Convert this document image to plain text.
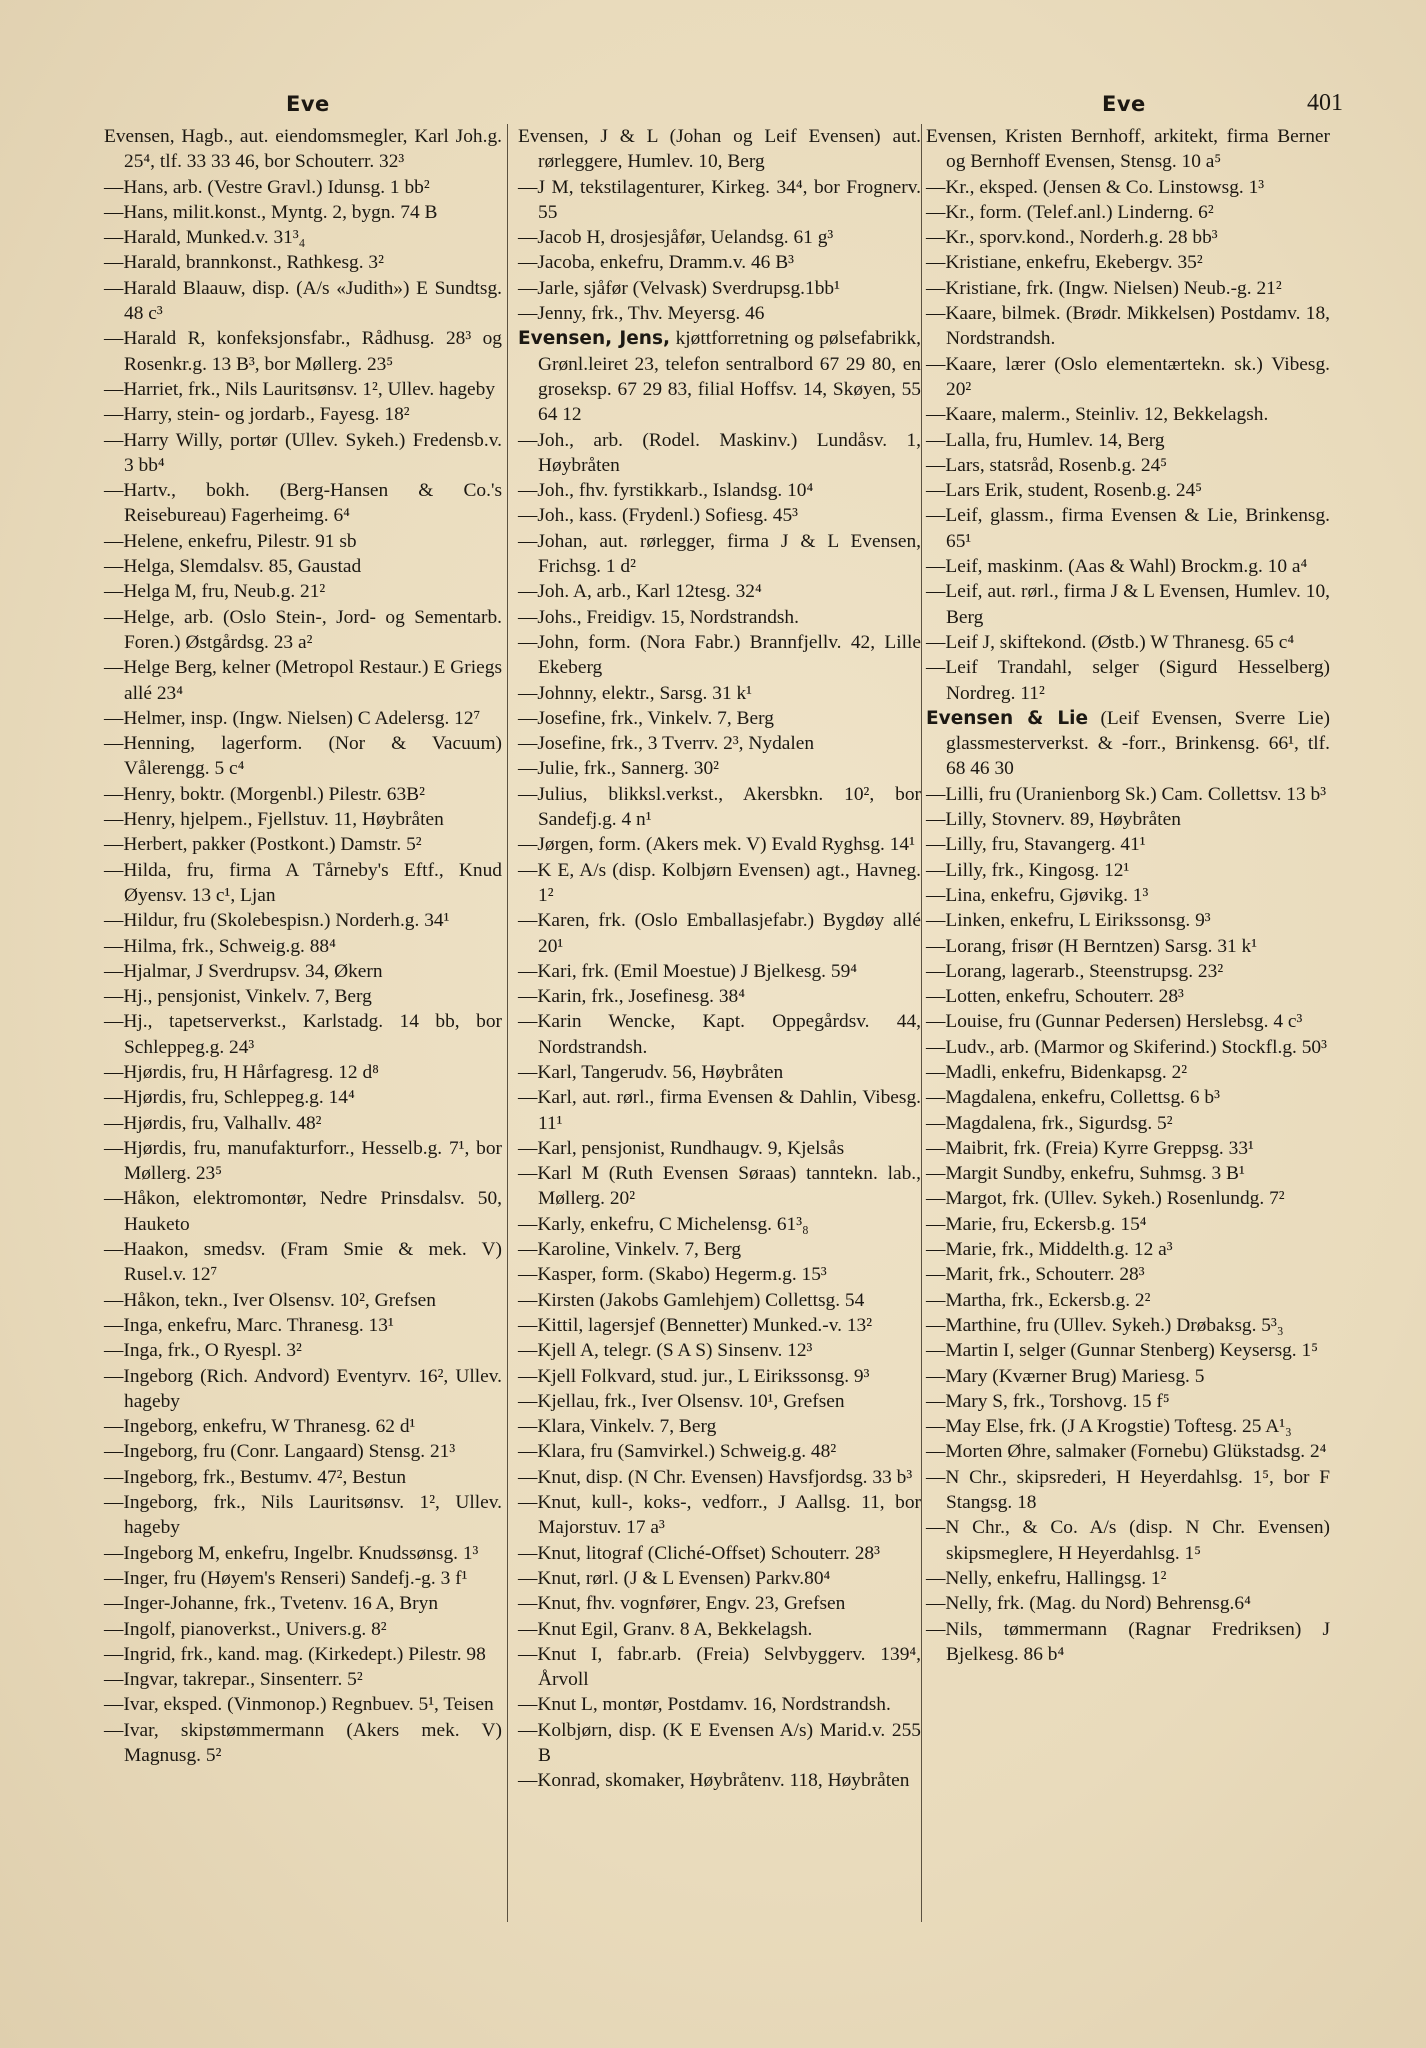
Eve	Eve	401
Evensen, Hagb., aut. eiendomsmegler, Karl Joh.g. 25⁴, tlf. 33 33 46, bor Schouterr. 32³
—Hans, arb. (Vestre Gravl.) Idunsg. 1 bb²
—Hans, milit.konst., Myntg. 2, bygn. 74 B
—Harald, Munked.v. 31³₄
—Harald, brannkonst., Rathkesg. 3²
—Harald Blaauw, disp. (A/s «Judith») E Sundtsg. 48 c³
—Harald R, konfeksjonsfabr., Rådhusg. 28³ og Rosenkr.g. 13 B³, bor Møllerg. 23⁵
—Harriet, frk., Nils Lauritsønsv. 1², Ullev. hageby
—Harry, stein- og jordarb., Fayesg. 18²
—Harry Willy, portør (Ullev. Sykeh.) Fredensb.v. 3 bb⁴
—Hartv., bokh. (Berg-Hansen & Co.'s Reisebureau) Fagerheimg. 6⁴
—Helene, enkefru, Pilestr. 91 sb
—Helga, Slemdalsv. 85, Gaustad
—Helga M, fru, Neub.g. 21²
—Helge, arb. (Oslo Stein-, Jord- og Sementarb. Foren.) Østgårdsg. 23 a²
—Helge Berg, kelner (Metropol Restaur.) E Griegs allé 23⁴
—Helmer, insp. (Ingw. Nielsen) C Adelersg. 12⁷
—Henning, lagerform. (Nor & Vacuum) Vålerengg. 5 c⁴
—Henry, boktr. (Morgenbl.) Pilestr. 63B²
—Henry, hjelpem., Fjellstuv. 11, Høybråten
—Herbert, pakker (Postkont.) Damstr. 5²
—Hilda, fru, firma A Tårneby's Eftf., Knud Øyensv. 13 c¹, Ljan
—Hildur, fru (Skolebespisn.) Norderh.g. 34¹
—Hilma, frk., Schweig.g. 88⁴
—Hjalmar, J Sverdrupsv. 34, Økern
—Hj., pensjonist, Vinkelv. 7, Berg
—Hj., tapetserverkst., Karlstadg. 14 bb, bor Schleppeg.g. 24³
—Hjørdis, fru, H Hårfagresg. 12 d⁸
—Hjørdis, fru, Schleppeg.g. 14⁴
—Hjørdis, fru, Valhallv. 48²
—Hjørdis, fru, manufakturforr., Hesselb.g. 7¹, bor Møllerg. 23⁵
—Håkon, elektromontør, Nedre Prinsdalsv. 50, Hauketo
—Haakon, smedsv. (Fram Smie & mek. V) Rusel.v. 12⁷
—Håkon, tekn., Iver Olsensv. 10², Grefsen
—Inga, enkefru, Marc. Thranesg. 13¹
—Inga, frk., O Ryespl. 3²
—Ingeborg (Rich. Andvord) Eventyrv. 16², Ullev. hageby
—Ingeborg, enkefru, W Thranesg. 62 d¹
—Ingeborg, fru (Conr. Langaard) Stensg. 21³
—Ingeborg, frk., Bestumv. 47², Bestun
—Ingeborg, frk., Nils Lauritsønsv. 1², Ullev. hageby
—Ingeborg M, enkefru, Ingelbr. Knudssønsg. 1³
—Inger, fru (Høyem's Renseri) Sandefj.-g. 3 f¹
—Inger-Johanne, frk., Tvetenv. 16 A, Bryn
—Ingolf, pianoverkst., Univers.g. 8²
—Ingrid, frk., kand. mag. (Kirkedept.) Pilestr. 98
—Ingvar, takrepar., Sinsenterr. 5²
—Ivar, eksped. (Vinmonop.) Regnbuev. 5¹, Teisen
—Ivar, skipstømmermann (Akers mek. V) Magnusg. 5²
Evensen, J & L (Johan og Leif Evensen) aut. rørleggere, Humlev. 10, Berg
—J M, tekstilagenturer, Kirkeg. 34⁴, bor Frognerv. 55
—Jacob H, drosjesjåfør, Uelandsg. 61 g³
—Jacoba, enkefru, Dramm.v. 46 B³
—Jarle, sjåfør (Velvask) Sverdrupsg.1bb¹
—Jenny, frk., Thv. Meyersg. 46
Evensen, Jens, kjøttforretning og pølsefabrikk, Grønl.leiret 23, telefon sentralbord 67 29 80, en groseksp. 67 29 83, filial Hoffsv. 14, Skøyen, 55 64 12
—Joh., arb. (Rodel. Maskinv.) Lundåsv. 1, Høybråten
—Joh., fhv. fyrstikkarb., Islandsg. 10⁴
—Joh., kass. (Frydenl.) Sofiesg. 45³
—Johan, aut. rørlegger, firma J & L Evensen, Frichsg. 1 d²
—Joh. A, arb., Karl 12tesg. 32⁴
—Johs., Freidigv. 15, Nordstrandsh.
—John, form. (Nora Fabr.) Brannfjellv. 42, Lille Ekeberg
—Johnny, elektr., Sarsg. 31 k¹
—Josefine, frk., Vinkelv. 7, Berg
—Josefine, frk., 3 Tverrv. 2³, Nydalen
—Julie, frk., Sannerg. 30²
—Julius, blikksl.verkst., Akersbkn. 10², bor Sandefj.g. 4 n¹
—Jørgen, form. (Akers mek. V) Evald Ryghsg. 14¹
—K E, A/s (disp. Kolbjørn Evensen) agt., Havneg. 1²
—Karen, frk. (Oslo Emballasjefabr.) Bygdøy allé 20¹
—Kari, frk. (Emil Moestue) J Bjelkesg. 59⁴
—Karin, frk., Josefinesg. 38⁴
—Karin Wencke, Kapt. Oppegårdsv. 44, Nordstrandsh.
—Karl, Tangerudv. 56, Høybråten
—Karl, aut. rørl., firma Evensen & Dahlin, Vibesg. 11¹
—Karl, pensjonist, Rundhaugv. 9, Kjelsås
—Karl M (Ruth Evensen Søraas) tanntekn. lab., Møllerg. 20²
—Karly, enkefru, C Michelensg. 61³₈
—Karoline, Vinkelv. 7, Berg
—Kasper, form. (Skabo) Hegerm.g. 15³
—Kirsten (Jakobs Gamlehjem) Collettsg. 54
—Kittil, lagersjef (Bennetter) Munked.-v. 13²
—Kjell A, telegr. (S A S) Sinsenv. 12³
—Kjell Folkvard, stud. jur., L Eirikssonsg. 9³
—Kjellau, frk., Iver Olsensv. 10¹, Grefsen
—Klara, Vinkelv. 7, Berg
—Klara, fru (Samvirkel.) Schweig.g. 48²
—Knut, disp. (N Chr. Evensen) Havsfjordsg. 33 b³
—Knut, kull-, koks-, vedforr., J Aallsg. 11, bor Majorstuv. 17 a³
—Knut, litograf (Cliché-Offset) Schouterr. 28³
—Knut, rørl. (J & L Evensen) Parkv.80⁴
—Knut, fhv. vognfører, Engv. 23, Grefsen
—Knut Egil, Granv. 8 A, Bekkelagsh.
—Knut I, fabr.arb. (Freia) Selvbyggerv. 139⁴, Årvoll
—Knut L, montør, Postdamv. 16, Nordstrandsh.
—Kolbjørn, disp. (K E Evensen A/s) Marid.v. 255 B
—Konrad, skomaker, Høybråtenv. 118, Høybråten
Evensen, Kristen Bernhoff, arkitekt, firma Berner og Bernhoff Evensen, Stensg. 10 a⁵
—Kr., eksped. (Jensen & Co. Linstowsg. 1³
—Kr., form. (Telef.anl.) Linderng. 6²
—Kr., sporv.kond., Norderh.g. 28 bb³
—Kristiane, enkefru, Ekebergv. 35²
—Kristiane, frk. (Ingw. Nielsen) Neub.-g. 21²
—Kaare, bilmek. (Brødr. Mikkelsen) Postdamv. 18, Nordstrandsh.
—Kaare, lærer (Oslo elementærtekn. sk.) Vibesg. 20²
—Kaare, malerm., Steinliv. 12, Bekkelagsh.
—Lalla, fru, Humlev. 14, Berg
—Lars, statsråd, Rosenb.g. 24⁵
—Lars Erik, student, Rosenb.g. 24⁵
—Leif, glassm., firma Evensen & Lie, Brinkensg. 65¹
—Leif, maskinm. (Aas & Wahl) Brockm.g. 10 a⁴
—Leif, aut. rørl., firma J & L Evensen, Humlev. 10, Berg
—Leif J, skiftekond. (Østb.) W Thranesg. 65 c⁴
—Leif Trandahl, selger (Sigurd Hesselberg) Nordreg. 11²
Evensen & Lie (Leif Evensen, Sverre Lie) glassmesterverkst. & -forr., Brinkensg. 66¹, tlf. 68 46 30
—Lilli, fru (Uranienborg Sk.) Cam. Collettsv. 13 b³
—Lilly, Stovnerv. 89, Høybråten
—Lilly, fru, Stavangerg. 41¹
—Lilly, frk., Kingosg. 12¹
—Lina, enkefru, Gjøvikg. 1³
—Linken, enkefru, L Eirikssonsg. 9³
—Lorang, frisør (H Berntzen) Sarsg. 31 k¹
—Lorang, lagerarb., Steenstrupsg. 23²
—Lotten, enkefru, Schouterr. 28³
—Louise, fru (Gunnar Pedersen) Herslebsg. 4 c³
—Ludv., arb. (Marmor og Skiferind.) Stockfl.g. 50³
—Madli, enkefru, Bidenkapsg. 2²
—Magdalena, enkefru, Collettsg. 6 b³
—Magdalena, frk., Sigurdsg. 5²
—Maibrit, frk. (Freia) Kyrre Greppsg. 33¹
—Margit Sundby, enkefru, Suhmsg. 3 B¹
—Margot, frk. (Ullev. Sykeh.) Rosenlundg. 7²
—Marie, fru, Eckersb.g. 15⁴
—Marie, frk., Middelth.g. 12 a³
—Marit, frk., Schouterr. 28³
—Martha, frk., Eckersb.g. 2²
—Marthine, fru (Ullev. Sykeh.) Drøbaksg. 5³₃
—Martin I, selger (Gunnar Stenberg) Keysersg. 1⁵
—Mary (Kværner Brug) Mariesg. 5
—Mary S, frk., Torshovg. 15 f⁵
—May Else, frk. (J A Krogstie) Toftesg. 25 A¹₃
—Morten Øhre, salmaker (Fornebu) Glükstadsg. 2⁴
—N Chr., skipsrederi, H Heyerdahlsg. 1⁵, bor F Stangsg. 18
—N Chr., & Co. A/s (disp. N Chr. Evensen) skipsmeglere, H Heyerdahlsg. 1⁵
—Nelly, enkefru, Hallingsg. 1²
—Nelly, frk. (Mag. du Nord) Behrensg.6⁴
—Nils, tømmermann (Ragnar Fredriksen) J Bjelkesg. 86 b⁴
